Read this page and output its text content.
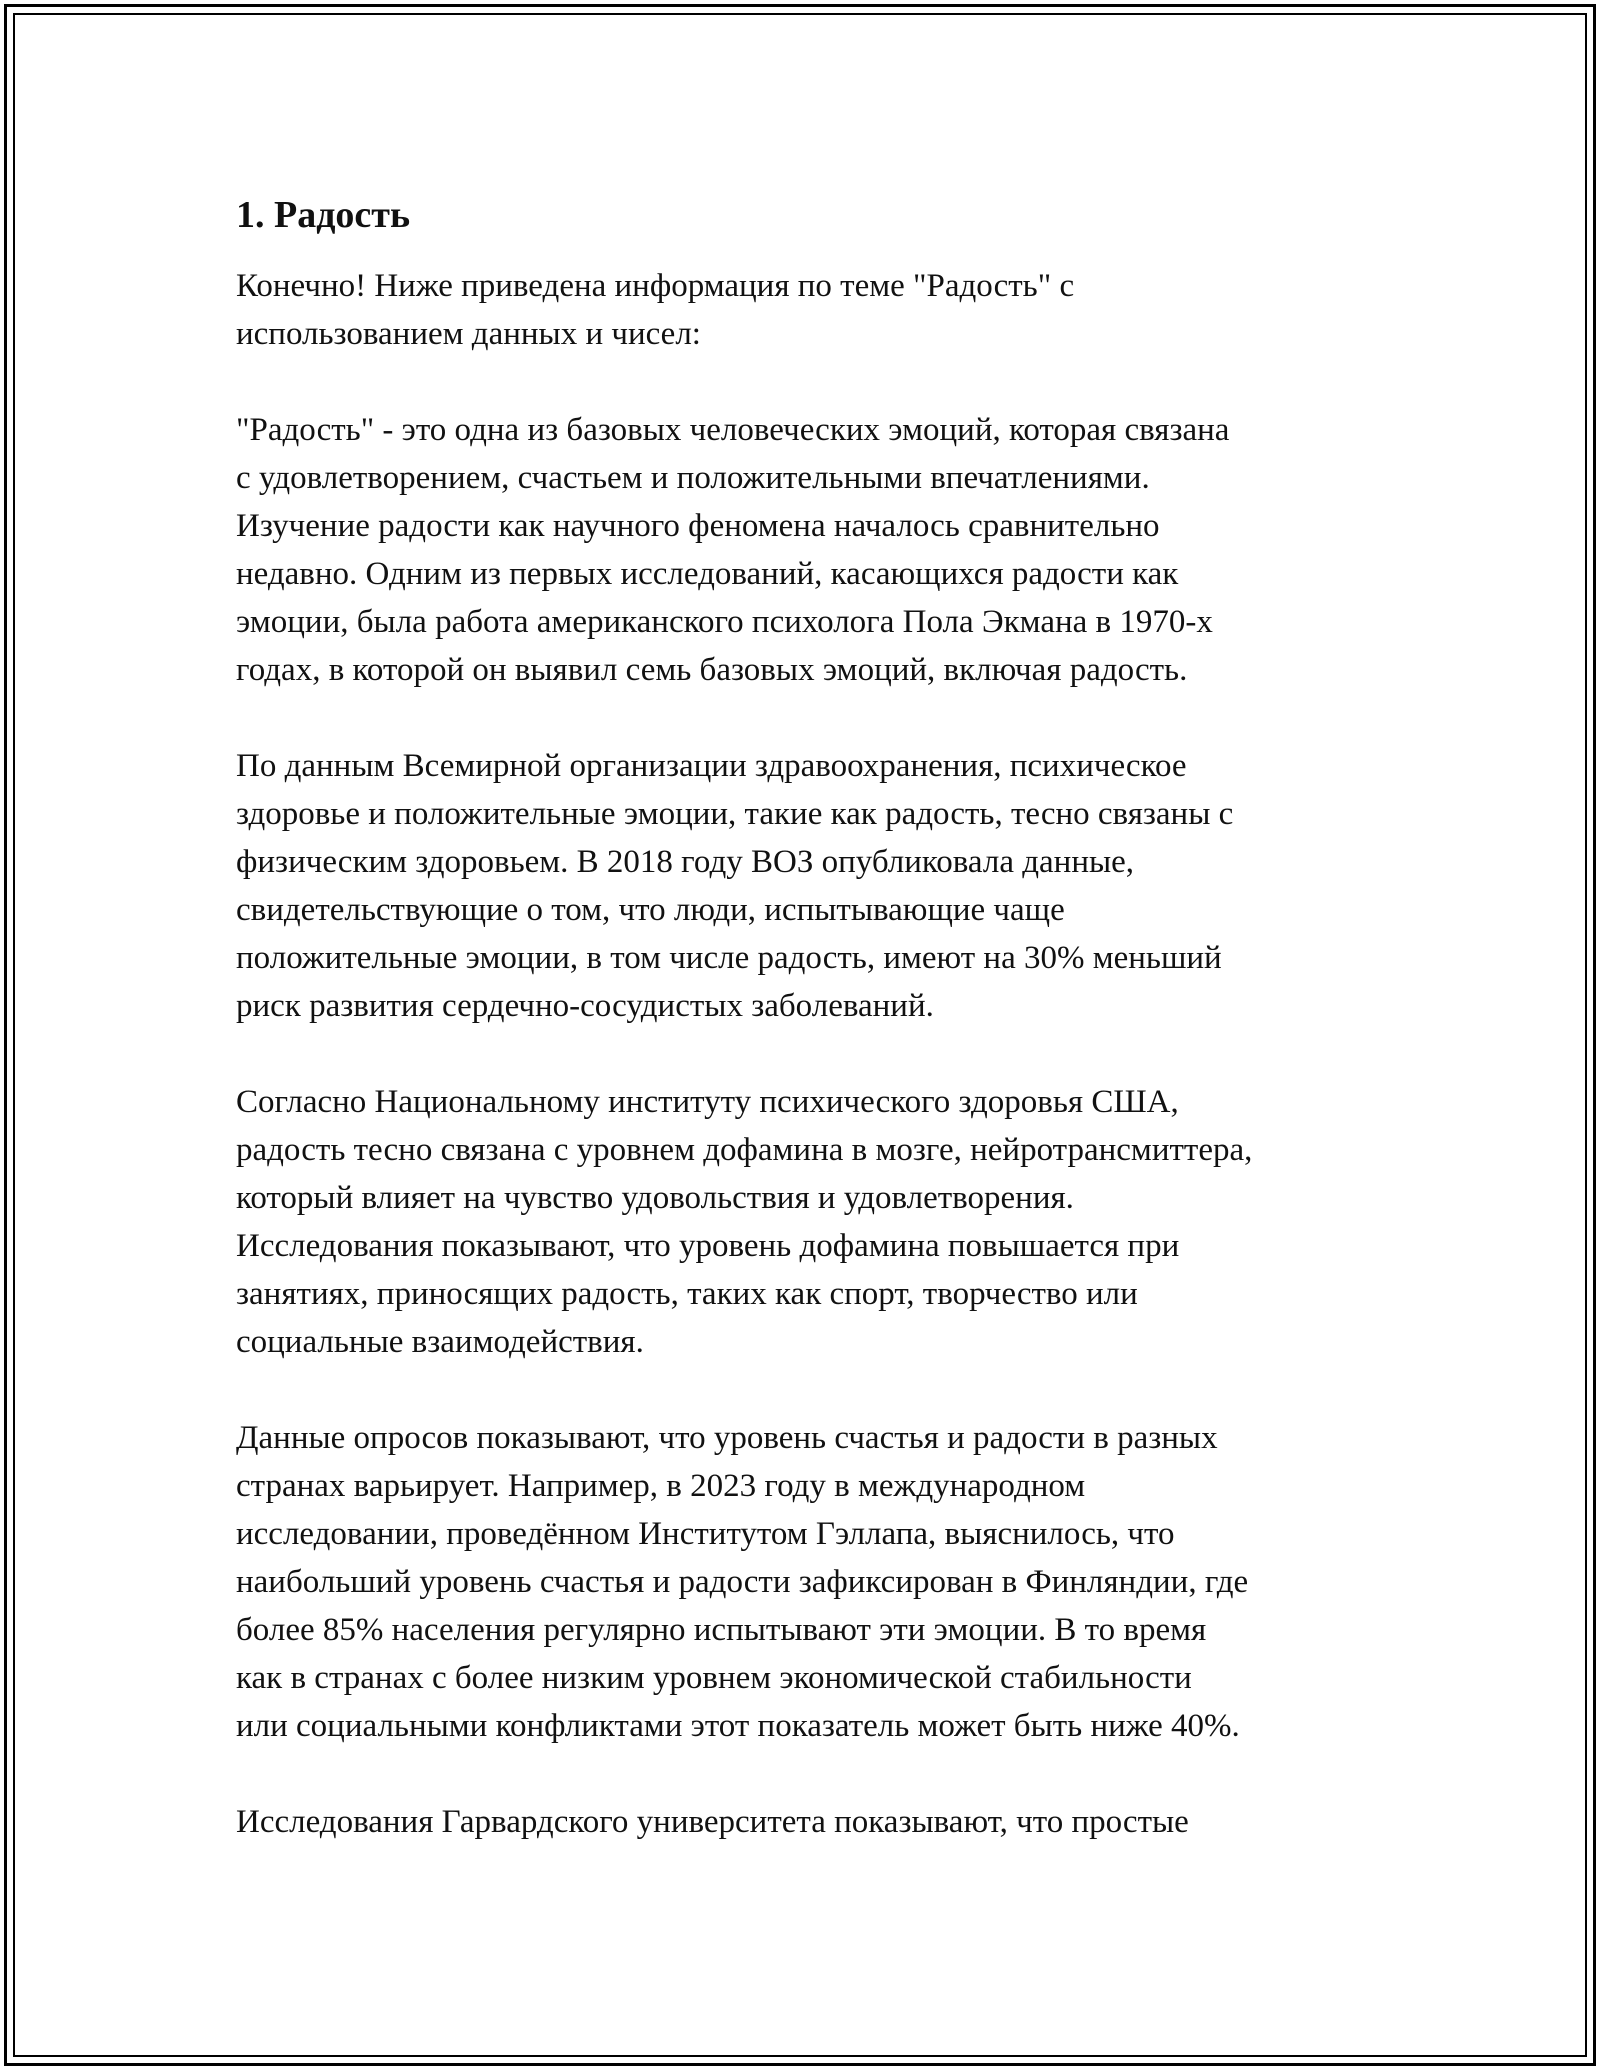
1. Радость

Конечно! Ниже приведена информация по теме "Радость" с
использованием данных и чисел:

"Радость" - это одна из базовых человеческих эмоций, которая связана
с удовлетворением, счастьем и положительными впечатлениями.
Изучение радости как научного феномена началось сравнительно
недавно. Одним из первых исследований, касающихся радости как
эмоции, была работа американского психолога Пола Экмана в 1970-х
годах, в которой он выявил семь базовых эмоций, включая радость.

По данным Всемирной организации здравоохранения, психическое
здоровье и положительные эмоции, такие как радость, тесно связаны с
физическим здоровьем. В 2018 году ВОЗ опубликовала данные,
свидетельствующие о том, что люди, испытывающие чаще
положительные эмоции, в том числе радость, имеют на 30% меньший
риск развития сердечно-сосудистых заболеваний.

Согласно Национальному институту психического здоровья США,
радость тесно связана с уровнем дофамина в мозге, нейротрансмиттера,
который влияет на чувство удовольствия и удовлетворения.
Исследования показывают, что уровень дофамина повышается при
занятиях, приносящих радость, таких как спорт, творчество или
социальные взаимодействия.

Данные опросов показывают, что уровень счастья и радости в разных
странах варьирует. Например, в 2023 году в международном
исследовании, проведённом Институтом Гэллапа, выяснилось, что
наибольший уровень счастья и радости зафиксирован в Финляндии, где
более 85% населения регулярно испытывают эти эмоции. В то время
как в странах с более низким уровнем экономической стабильности
или социальными конфликтами этот показатель может быть ниже 40%.

Исследования Гарвардского университета показывают, что простые
